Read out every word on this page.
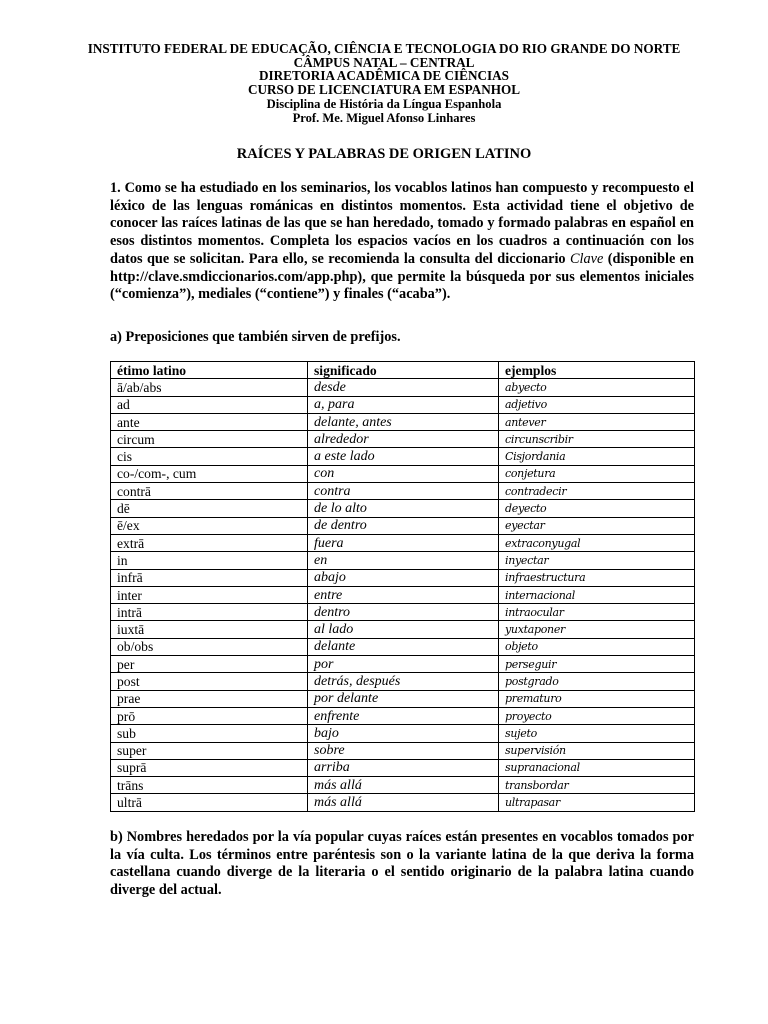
INSTITUTO FEDERAL DE EDUCAÇÃO, CIÊNCIA E TECNOLOGIA DO RIO GRANDE DO NORTE
CÂMPUS NATAL – CENTRAL
DIRETORIA ACADÊMICA DE CIÊNCIAS
CURSO DE LICENCIATURA EM ESPANHOL
Disciplina de História da Língua Espanhola
Prof. Me. Miguel Afonso Linhares
RAÍCES Y PALABRAS DE ORIGEN LATINO
1. Como se ha estudiado en los seminarios, los vocablos latinos han compuesto y recompuesto el léxico de las lenguas románicas en distintos momentos. Esta actividad tiene el objetivo de conocer las raíces latinas de las que se han heredado, tomado y formado palabras en español en esos distintos momentos. Completa los espacios vacíos en los cuadros a continuación con los datos que se solicitan. Para ello, se recomienda la consulta del diccionario Clave (disponible en http://clave.smdiccionarios.com/app.php), que permite la búsqueda por sus elementos iniciales (“comienza”), mediales (“contiene”) y finales (“acaba”).
a) Preposiciones que también sirven de prefijos.
étimo latino	significado	ejemplos
ā/ab/abs	desde	abyecto
ad	a, para	adjetivo
ante	delante, antes	antever
circum	alrededor	circunscribir
cis	a este lado	Cisjordania
co-/com-, cum	con	conjetura
contrā	contra	contradecir
dē	de lo alto	deyecto
ē/ex	de dentro	eyectar
extrā	fuera	extraconyugal
in	en	inyectar
infrā	abajo	infraestructura
inter	entre	internacional
intrā	dentro	intraocular
iuxtā	al lado	yuxtaponer
ob/obs	delante	objeto
per	por	perseguir
post	detrás, después	postgrado
prae	por delante	prematuro
prō	enfrente	proyecto
sub	bajo	sujeto
super	sobre	supervisión
suprā	arriba	supranacional
trāns	más allá	transbordar
ultrā	más allá	ultrapasar
b) Nombres heredados por la vía popular cuyas raíces están presentes en vocablos tomados por la vía culta. Los términos entre paréntesis son o la variante latina de la que deriva la forma castellana cuando diverge de la literaria o el sentido originario de la palabra latina cuando diverge del actual.
